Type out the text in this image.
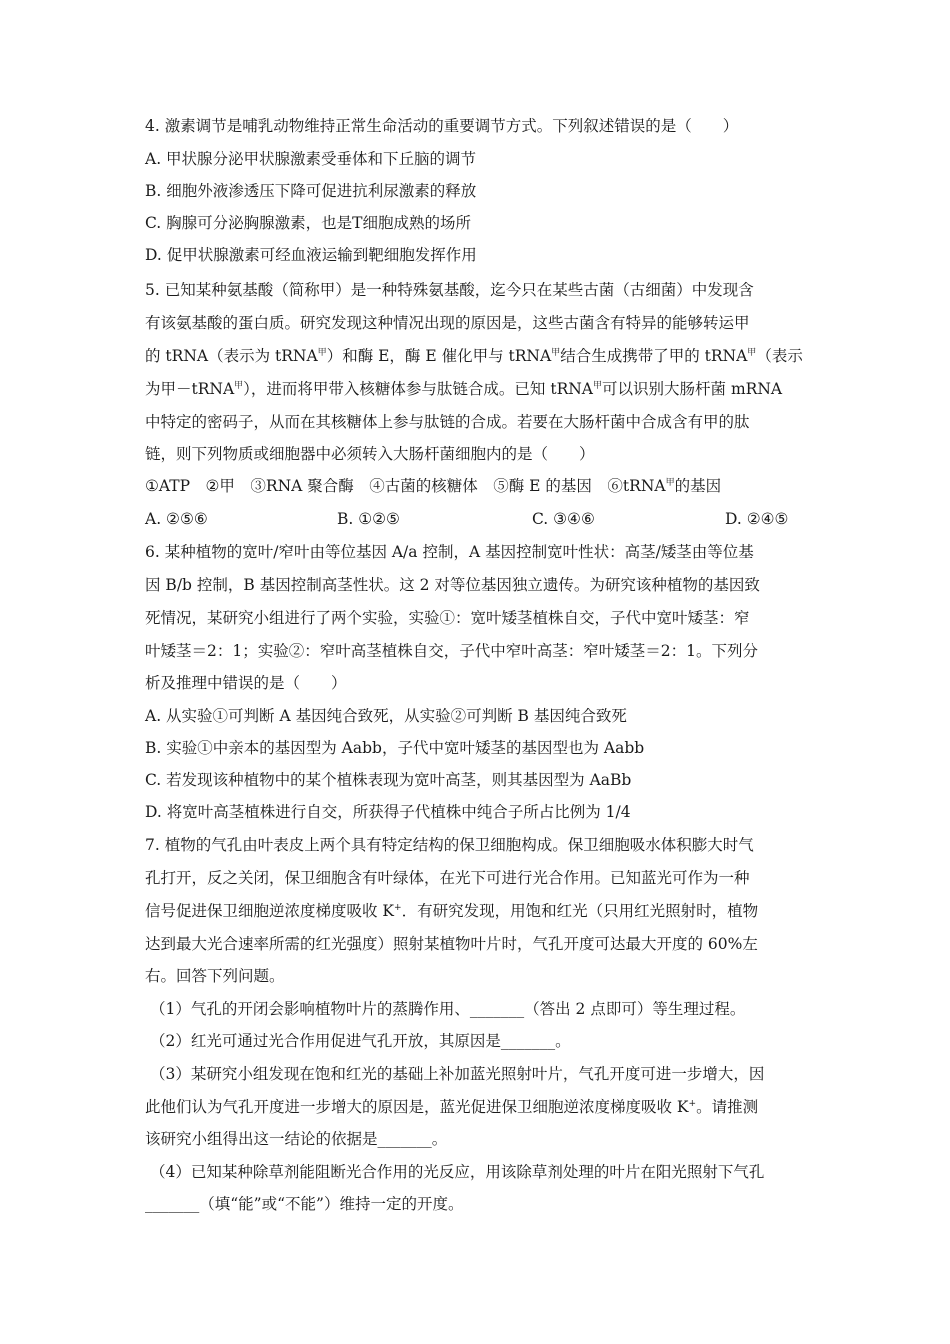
4. 激素调节是哺乳动物维持正常生命活动的重要调节方式。下列叙述错误的是（　　）
A. 甲状腺分泌甲状腺激素受垂体和下丘脑的调节
B. 细胞外液渗透压下降可促进抗利尿激素的释放
C. 胸腺可分泌胸腺激素，也是T细胞成熟的场所
D. 促甲状腺激素可经血液运输到靶细胞发挥作用
5. 已知某种氨基酸（简称甲）是一种特殊氨基酸，迄今只在某些古菌（古细菌）中发现含
有该氨基酸的蛋白质。研究发现这种情况出现的原因是，这些古菌含有特异的能够转运甲
的 tRNA（表示为 tRNA$^甲$）和酶 E，酶 E 催化甲与 tRNA$^甲$结合生成携带了甲的 tRNA$^甲$（表示
为甲－tRNA$^甲$），进而将甲带入核糖体参与肽链合成。已知 tRNA$^甲$可以识别大肠杆菌 mRNA
中特定的密码子，从而在其核糖体上参与肽链的合成。若要在大肠杆菌中合成含有甲的肽
链，则下列物质或细胞器中必须转入大肠杆菌细胞内的是（　　）
①ATP　②甲　③RNA 聚合酶　④古菌的核糖体　⑤酶 E 的基因　⑥tRNA$^甲$的基因
A. ②⑤⑥	B. ①②⑤	C. ③④⑥	D. ②④⑤
6. 某种植物的宽叶/窄叶由等位基因 A/a 控制，A 基因控制宽叶性状：高茎/矮茎由等位基
因 B/b 控制，B 基因控制高茎性状。这 2 对等位基因独立遗传。为研究该种植物的基因致
死情况，某研究小组进行了两个实验，实验①：宽叶矮茎植株自交，子代中宽叶矮茎：窄
叶矮茎＝2：1；实验②：窄叶高茎植株自交，子代中窄叶高茎：窄叶矮茎＝2：1。下列分
析及推理中错误的是（　　）
A. 从实验①可判断 A 基因纯合致死，从实验②可判断 B 基因纯合致死
B. 实验①中亲本的基因型为 Aabb，子代中宽叶矮茎的基因型也为 Aabb
C. 若发现该种植物中的某个植株表现为宽叶高茎，则其基因型为 AaBb
D. 将宽叶高茎植株进行自交，所获得子代植株中纯合子所占比例为 1/4
7. 植物的气孔由叶表皮上两个具有特定结构的保卫细胞构成。保卫细胞吸水体积膨大时气
孔打开，反之关闭，保卫细胞含有叶绿体，在光下可进行光合作用。已知蓝光可作为一种
信号促进保卫细胞逆浓度梯度吸收 K+．有研究发现，用饱和红光（只用红光照射时，植物
达到最大光合速率所需的红光强度）照射某植物叶片时，气孔开度可达最大开度的 60%左
右。回答下列问题。
（1）气孔的开闭会影响植物叶片的蒸腾作用、_______（答出 2 点即可）等生理过程。
（2）红光可通过光合作用促进气孔开放，其原因是_______。
（3）某研究小组发现在饱和红光的基础上补加蓝光照射叶片，气孔开度可进一步增大，因
此他们认为气孔开度进一步增大的原因是，蓝光促进保卫细胞逆浓度梯度吸收 K+。请推测
该研究小组得出这一结论的依据是_______。
（4）已知某种除草剂能阻断光合作用的光反应，用该除草剂处理的叶片在阳光照射下气孔
_______（填“能”或“不能”）维持一定的开度。
